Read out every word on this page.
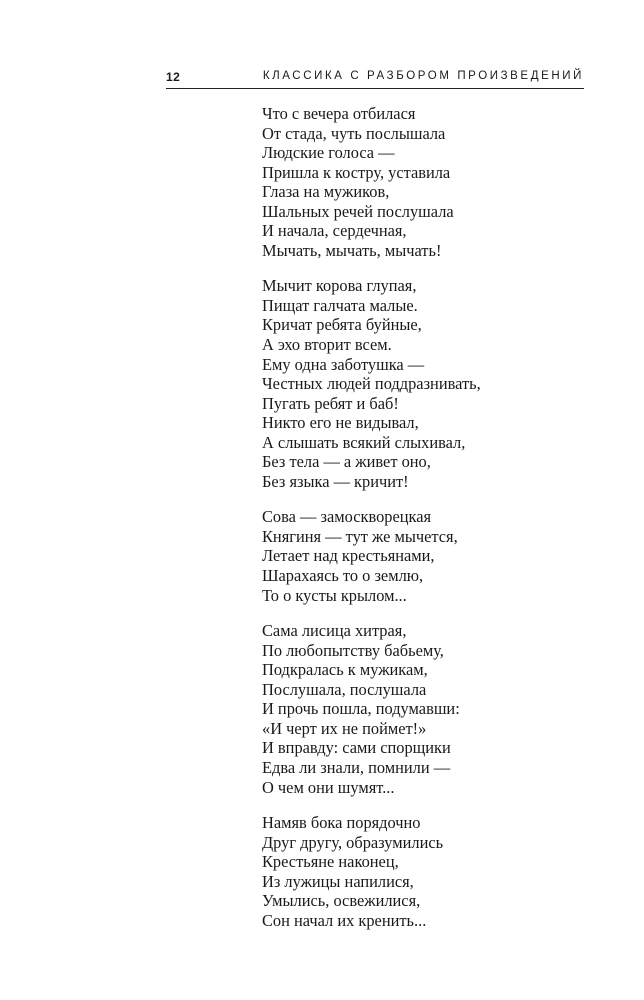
12	КЛАССИКА С РАЗБОРОМ ПРОИЗВЕДЕНИЙ
Что с вечера отбилася
От стада, чуть послышала
Людские голоса —
Пришла к костру, уставила
Глаза на мужиков,
Шальных речей послушала
И начала, сердечная,
Мычать, мычать, мычать!
Мычит корова глупая,
Пищат галчата малые.
Кричат ребята буйные,
А эхо вторит всем.
Ему одна заботушка —
Честных людей поддразнивать,
Пугать ребят и баб!
Никто его не видывал,
А слышать всякий слыхивал,
Без тела — а живет оно,
Без языка — кричит!
Сова — замоскворецкая
Княгиня — тут же мычется,
Летает над крестьянами,
Шарахаясь то о землю,
То о кусты крылом...
Сама лисица хитрая,
По любопытству бабьему,
Подкралась к мужикам,
Послушала, послушала
И прочь пошла, подумавши:
«И черт их не поймет!»
И вправду: сами спорщики
Едва ли знали, помнили —
О чем они шумят...
Намяв бока порядочно
Друг другу, образумились
Крестьяне наконец,
Из лужицы напилися,
Умылись, освежилися,
Сон начал их кренить...
